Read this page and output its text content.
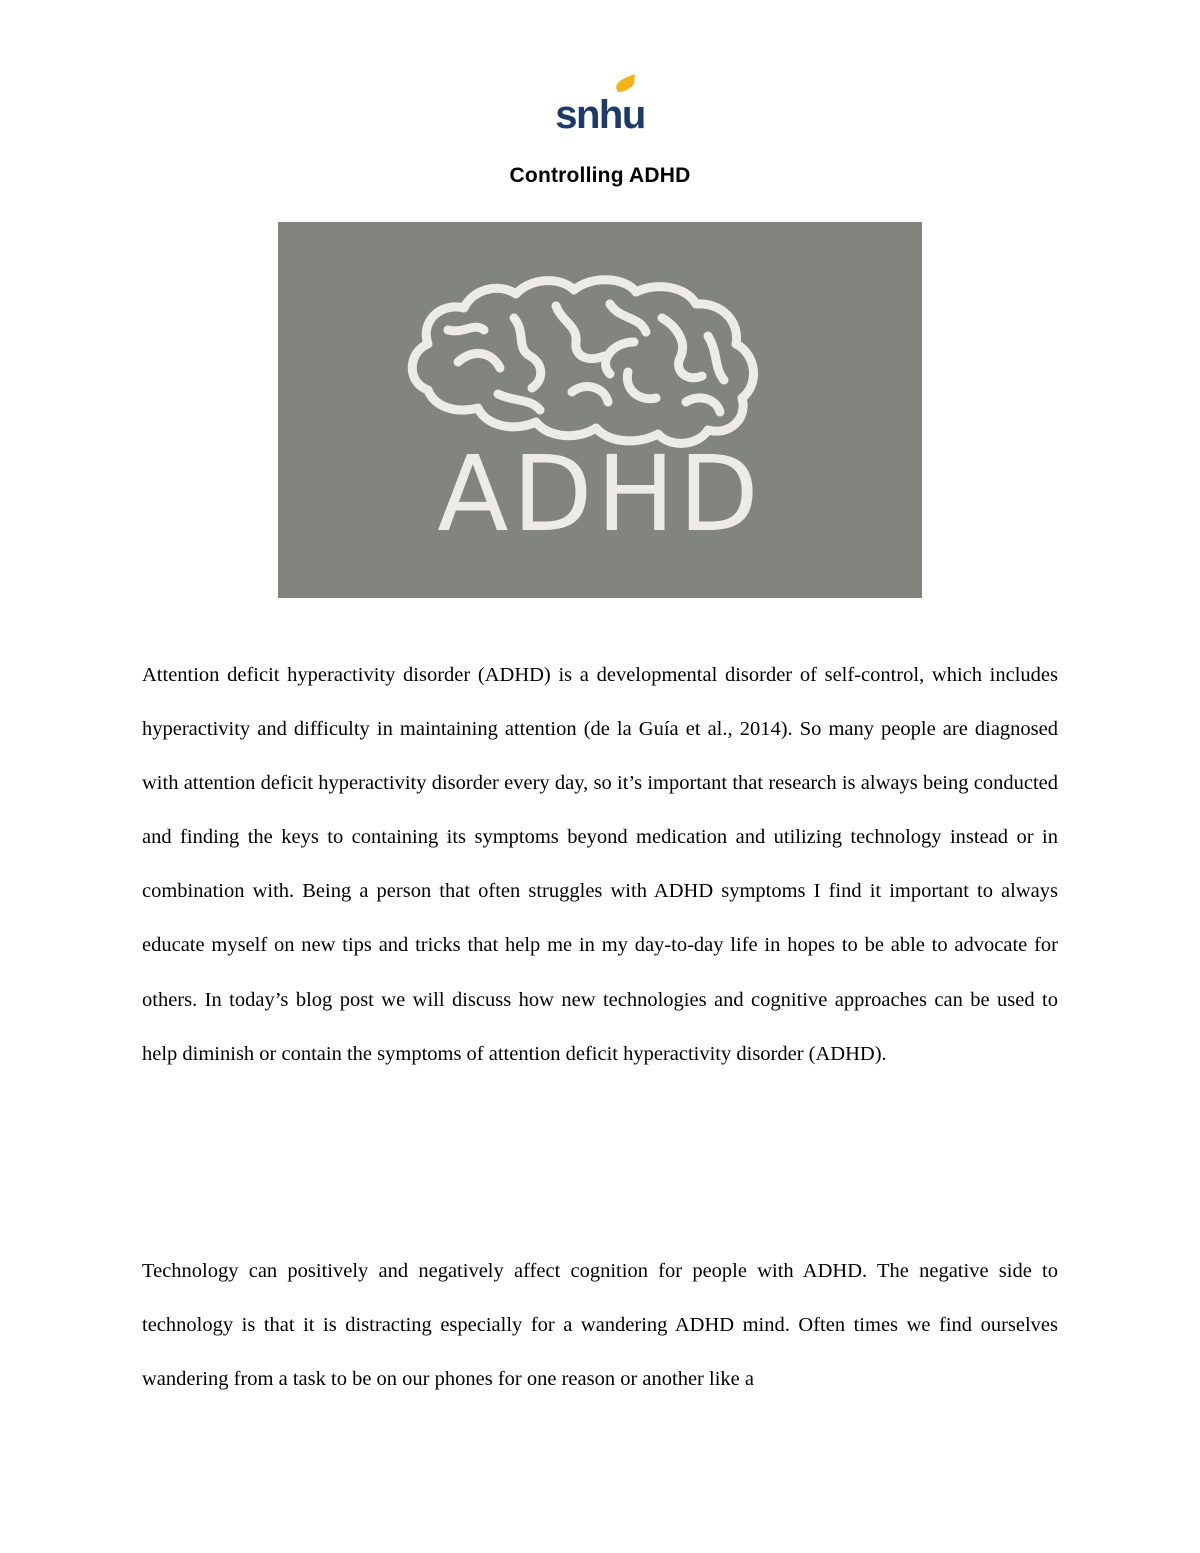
snhu
Controlling ADHD
ADHD
Attention deficit hyperactivity disorder (ADHD) is a developmental disorder of self-control, which includes hyperactivity and difficulty in maintaining attention (de la Guía et al., 2014). So many people are diagnosed with attention deficit hyperactivity disorder every day, so it’s important that research is always being conducted and finding the keys to containing its symptoms beyond medication and utilizing technology instead or in combination with. Being a person that often struggles with ADHD symptoms I find it important to always educate myself on new tips and tricks that help me in my day-to-day life in hopes to be able to advocate for others. In today’s blog post we will discuss how new technologies and cognitive approaches can be used to help diminish or contain the symptoms of attention deficit hyperactivity disorder (ADHD).
Technology can positively and negatively affect cognition for people with ADHD. The negative side to technology is that it is distracting especially for a wandering ADHD mind. Often times we find ourselves wandering from a task to be on our phones for one reason or another like a
